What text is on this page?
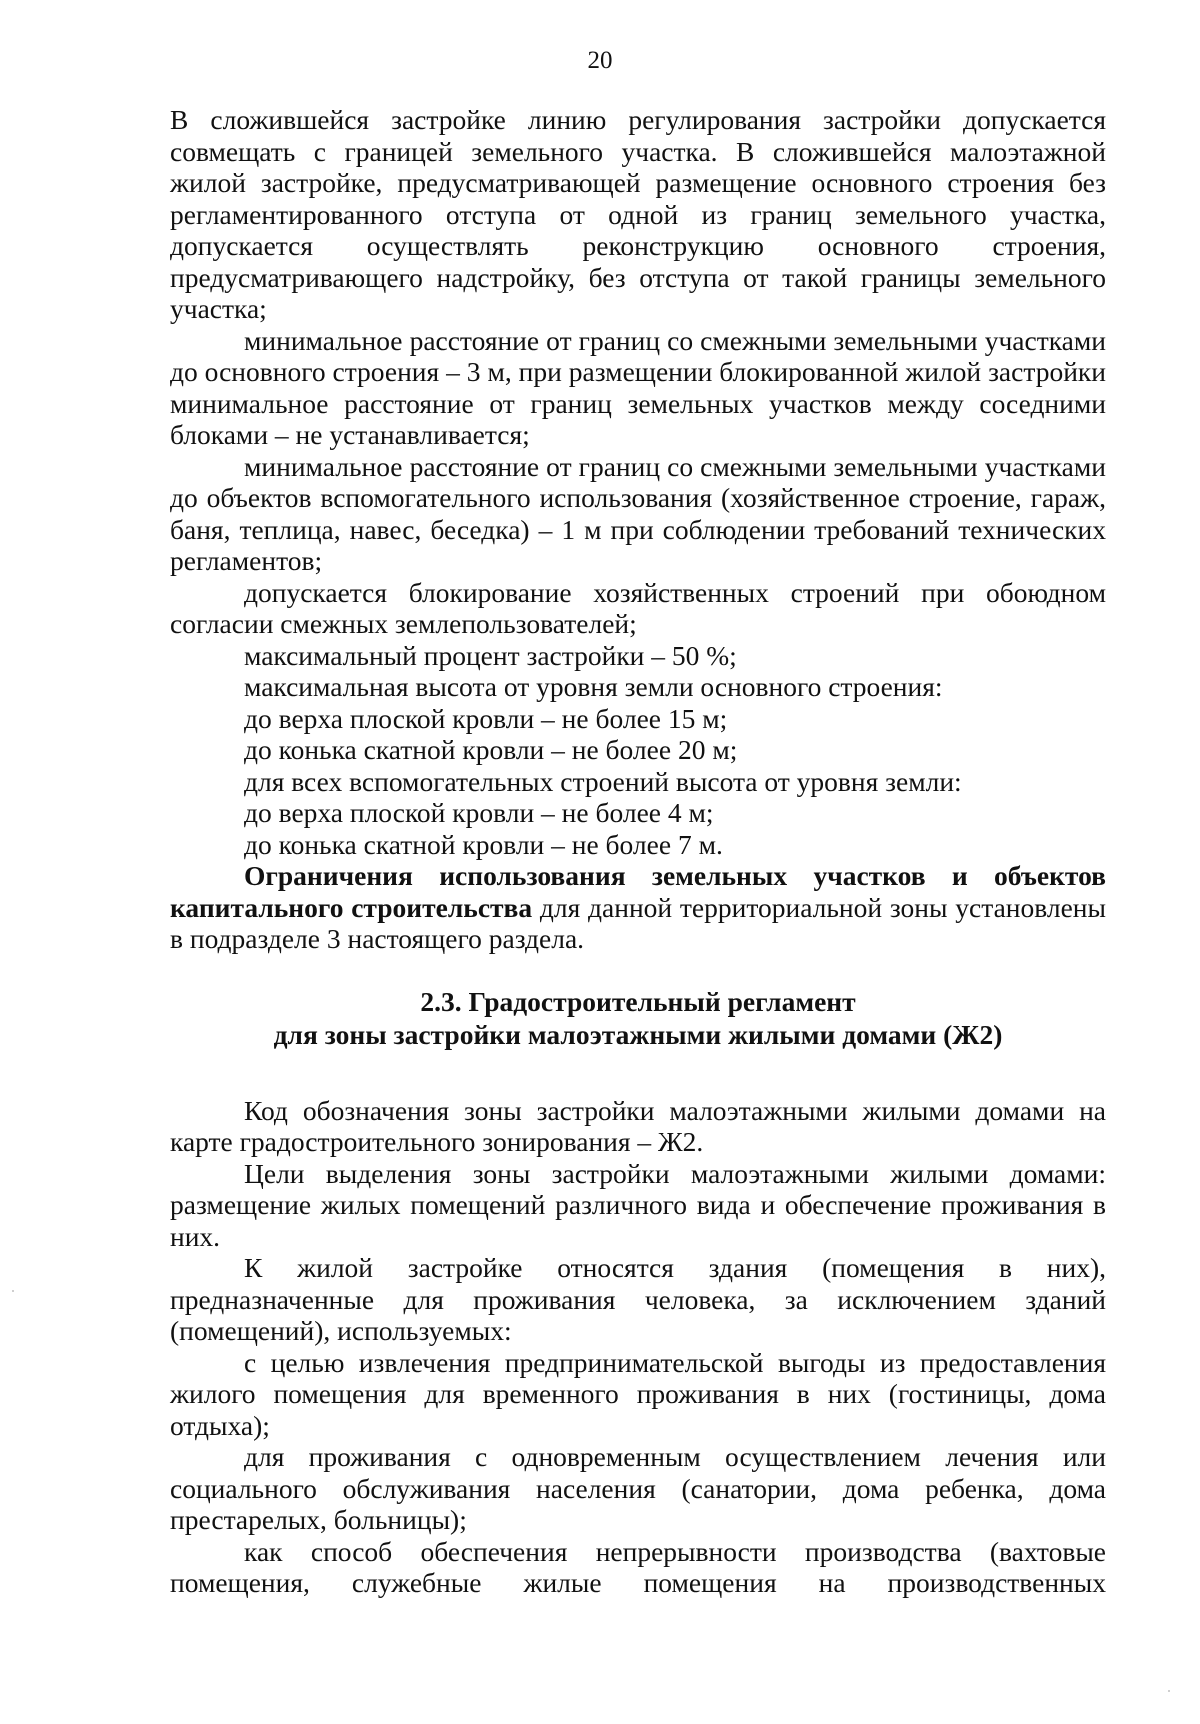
20

В сложившейся застройке линию регулирования застройки допускается совмещать с границей земельного участка. В сложившейся малоэтажной жилой застройке, предусматривающей размещение основного строения без регламентированного отступа от одной из границ земельного участка, допускается осуществлять реконструкцию основного строения, предусматривающего надстройку, без отступа от такой границы земельного участка;

минимальное расстояние от границ со смежными земельными участками до основного строения – 3 м, при размещении блокированной жилой застройки минимальное расстояние от границ земельных участков между соседними блоками – не устанавливается;

минимальное расстояние от границ со смежными земельными участками до объектов вспомогательного использования (хозяйственное строение, гараж, баня, теплица, навес, беседка) – 1 м при соблюдении требований технических регламентов;

допускается блокирование хозяйственных строений при обоюдном согласии смежных землепользователей;

максимальный процент застройки – 50 %;

максимальная высота от уровня земли основного строения:

до верха плоской кровли – не более 15 м;

до конька скатной кровли – не более 20 м;

для всех вспомогательных строений высота от уровня земли:

до верха плоской кровли – не более 4 м;

до конька скатной кровли – не более 7 м.

Ограничения использования земельных участков и объектов капитального строительства для данной территориальной зоны установлены в подразделе 3 настоящего раздела.

2.3. Градостроительный регламент
для зоны застройки малоэтажными жилыми домами (Ж2)

Код обозначения зоны застройки малоэтажными жилыми домами на карте градостроительного зонирования – Ж2.

Цели выделения зоны застройки малоэтажными жилыми домами: размещение жилых помещений различного вида и обеспечение проживания в них.

К жилой застройке относятся здания (помещения в них), предназначенные для проживания человека, за исключением зданий (помещений), используемых:

с целью извлечения предпринимательской выгоды из предоставления жилого помещения для временного проживания в них (гостиницы, дома отдыха);

для проживания с одновременным осуществлением лечения или социального обслуживания населения (санатории, дома ребенка, дома престарелых, больницы);

как способ обеспечения непрерывности производства (вахтовые помещения, служебные жилые помещения на производственных
